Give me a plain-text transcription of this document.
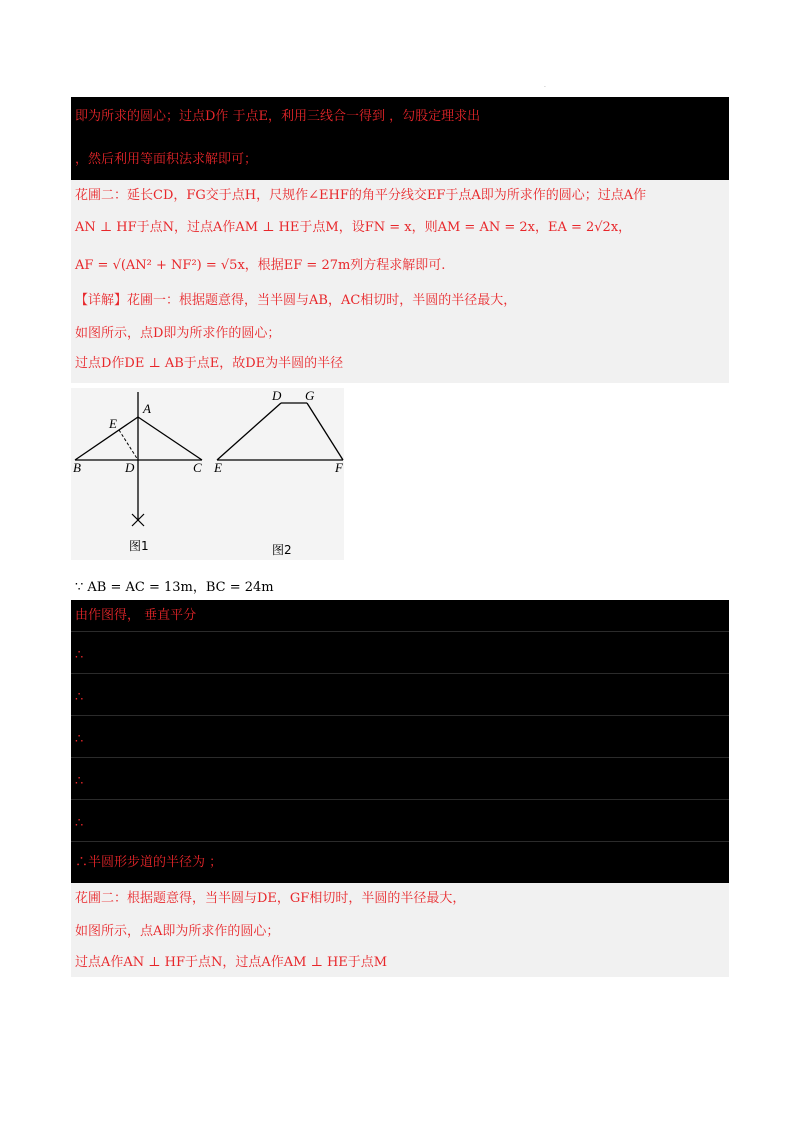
·
即为所求的圆心；过点D作 于点E，利用三线合一得到 ，勾股定理求出
，然后利用等面积法求解即可；
花圃二：延长CD，FG交于点H，尺规作∠EHF的角平分线交EF于点A即为所求作的圆心；过点A作
AN ⊥ HF于点N，过点A作AM ⊥ HE于点M，设FN = x，则AM = AN = 2x，EA = 2√2x，
AF = √(AN² + NF²) = √5x，根据EF = 27m列方程求解即可.
【详解】花圃一：根据题意得，当半圆与AB，AC相切时，半圆的半径最大，
如图所示，点D即为所求作的圆心；
过点D作DE ⊥ AB于点E，故DE为半圆的半径
A
E
B	D	C
图1
D G
E	F
图2
∵ AB = AC = 13m，BC = 24m
由作图得， 垂直平分
∴
∴
∴
∴
∴
∴半圆形步道的半径为 ；
花圃二：根据题意得，当半圆与DE，GF相切时，半圆的半径最大，
如图所示，点A即为所求作的圆心；
过点A作AN ⊥ HF于点N，过点A作AM ⊥ HE于点M
